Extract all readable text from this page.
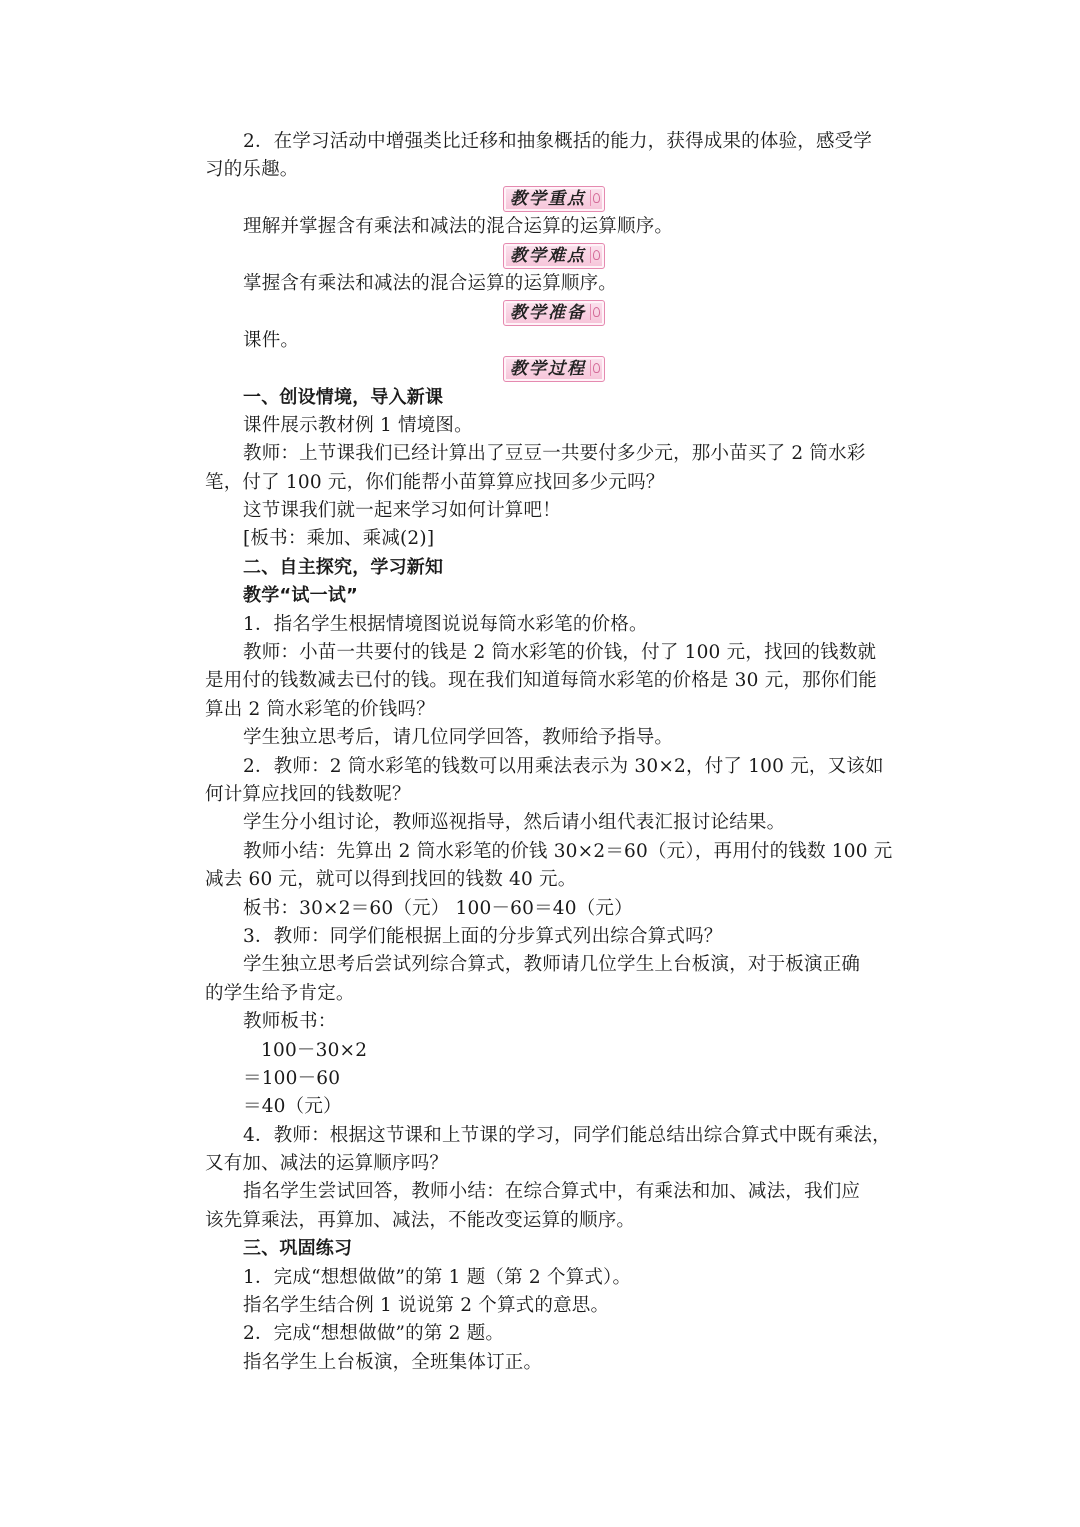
2．在学习活动中增强类比迁移和抽象概括的能力，获得成果的体验，感受学
习的乐趣。
教学重点
理解并掌握含有乘法和减法的混合运算的运算顺序。
教学难点
掌握含有乘法和减法的混合运算的运算顺序。
教学准备
课件。
教学过程
一、创设情境，导入新课
课件展示教材例 1 情境图。
教师：上节课我们已经计算出了豆豆一共要付多少元，那小苗买了 2 筒水彩
笔，付了 100 元，你们能帮小苗算算应找回多少元吗？
这节课我们就一起来学习如何计算吧！
[板书：乘加、乘减(2)]
二、自主探究，学习新知
教学“试一试”
1．指名学生根据情境图说说每筒水彩笔的价格。
教师：小苗一共要付的钱是 2 筒水彩笔的价钱，付了 100 元，找回的钱数就
是用付的钱数减去已付的钱。现在我们知道每筒水彩笔的价格是 30 元，那你们能
算出 2 筒水彩笔的价钱吗？
学生独立思考后，请几位同学回答，教师给予指导。
2．教师：2 筒水彩笔的钱数可以用乘法表示为 30×2，付了 100 元，又该如
何计算应找回的钱数呢？
学生分小组讨论，教师巡视指导，然后请小组代表汇报讨论结果。
教师小结：先算出 2 筒水彩笔的价钱 30×2＝60（元），再用付的钱数 100 元
减去 60 元，就可以得到找回的钱数 40 元。
板书：30×2＝60（元） 100－60＝40（元）
3．教师：同学们能根据上面的分步算式列出综合算式吗？
学生独立思考后尝试列综合算式，教师请几位学生上台板演，对于板演正确
的学生给予肯定。
教师板书：
100－30×2
＝100－60
＝40（元）
4．教师：根据这节课和上节课的学习，同学们能总结出综合算式中既有乘法，
又有加、减法的运算顺序吗？
指名学生尝试回答，教师小结：在综合算式中，有乘法和加、减法，我们应
该先算乘法，再算加、减法，不能改变运算的顺序。
三、巩固练习
1．完成“想想做做”的第 1 题（第 2 个算式）。
指名学生结合例 1 说说第 2 个算式的意思。
2．完成“想想做做”的第 2 题。
指名学生上台板演，全班集体订正。
